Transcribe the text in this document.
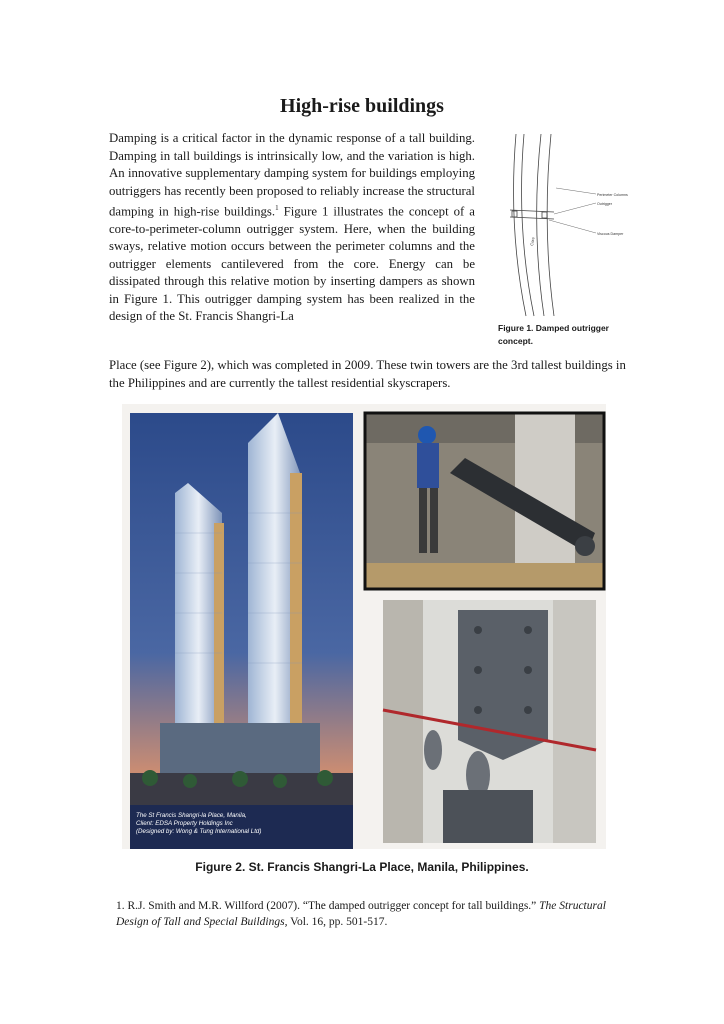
High-rise buildings
Damping is a critical factor in the dynamic response of a tall building. Damping in tall buildings is intrinsically low, and the variation is high. An innovative supplementary damping system for buildings employing outriggers has recently been proposed to reliably increase the structural damping in high-rise buildings.$^1$ Figure 1 illustrates the concept of a core-to-perimeter-column outrigger system. Here, when the building sways, relative motion occurs between the perimeter columns and the outrigger elements cantilevered from the core. Energy can be dissipated through this relative motion by inserting dampers as shown in Figure 1. This outrigger damping system has been realized in the design of the St. Francis Shangri-La
Place (see Figure 2), which was completed in 2009. These twin towers are the 3rd tallest buildings in the Philippines and are currently the tallest residential skyscrapers.
Perimeter Columns
Outrigger
Viscous Damper
Core
Figure 1. Damped outrigger concept.
The St Francis Shangri-la Place, Manila,
Client: EDSA Property Holdings Inc
(Designed by: Wong & Tung International Ltd)
Figure 2. St. Francis Shangri-La Place, Manila, Philippines.
1. R.J. Smith and M.R. Willford (2007). “The damped outrigger concept for tall buildings.” The Structural Design of Tall and Special Buildings, Vol. 16, pp. 501-517.
